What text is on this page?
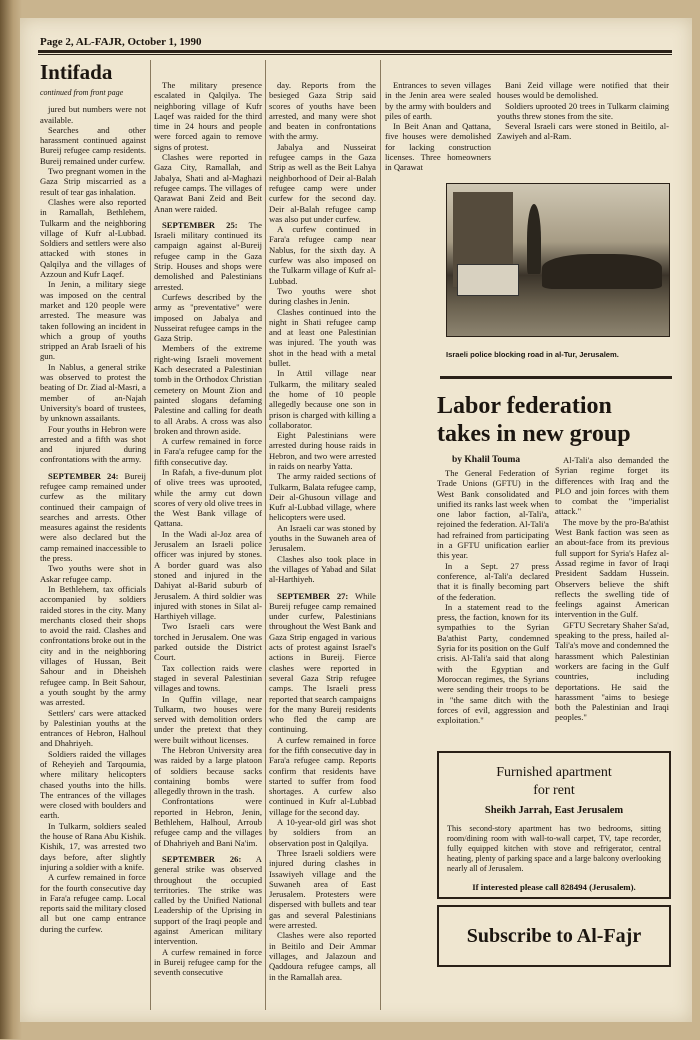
Page 2, AL-FAJR, October 1, 1990

Intifada

continued from front page

jured but numbers were not available.

Searches and other harassment continued against Bureij refugee camp residents. Bureij remained under curfew.

Two pregnant women in the Gaza Strip miscarried as a result of tear gas inhalation.

Clashes were also reported in Ramallah, Bethlehem, Tulkarm and the neighboring village of Kufr al-Lubbad. Soldiers and settlers were also attacked with stones in Qalqilya and the villages of Azzoun and Kufr Laqef.

In Jenin, a military siege was imposed on the central market and 120 people were arrested. The measure was taken following an incident in which a group of youths stripped an Arab Israeli of his gun.

In Nablus, a general strike was observed to protest the beating of Dr. Ziad al-Masri, a member of an-Najah University's board of trustees, by unknown assailants.

Four youths in Hebron were arrested and a fifth was shot and injured during confrontations with the army.

SEPTEMBER 24: Bureij refugee camp remained under curfew as the military continued their campaign of searches and arrests. Other measures against the residents were also declared but the camp remained inaccessible to the press.

Two youths were shot in Askar refugee camp.

In Bethlehem, tax officials accompanied by soldiers raided stores in the city. Many merchants closed their shops to avoid the raid. Clashes and confrontations broke out in the city and in the neighboring villages of Hussan, Beit Sahour and in Dheisheh refugee camp. In Beit Sahour, a youth sought by the army was arrested.

Settlers' cars were attacked by Palestinian youths at the entrances of Hebron, Halhoul and Dhahriyeh.

Soldiers raided the villages of Reheyieh and Tarqoumia, where military helicopters chased youths into the hills. The entrances of the villages were closed with boulders and earth.

In Tulkarm, soldiers sealed the house of Rana Abu Kishik. Kishik, 17, was arrested two days before, after slightly injuring a soldier with a knife.

A curfew remained in force for the fourth consecutive day in Fara'a refugee camp. Local reports said the military closed all but one camp entrance during the curfew.

The military presence escalated in Qalqilya. The neighboring village of Kufr Laqef was raided for the third time in 24 hours and people were forced again to remove signs of protest.

Clashes were reported in Gaza City, Ramallah, and Jabalya, Shati and al-Maghazi refugee camps. The villages of Qarawat Bani Zeid and Beit Anan were raided.

SEPTEMBER 25: The Israeli military continued its campaign against al-Bureij refugee camp in the Gaza Strip. Houses and shops were demolished and Palestinians arrested.

Curfews described by the army as "preventative" were imposed on Jabalya and Nusseirat refugee camps in the Gaza Strip.

Members of the extreme right-wing Israeli movement Kach desecrated a Palestinian tomb in the Orthodox Christian cemetery on Mount Zion and painted slogans defaming Palestine and calling for death to all Arabs. A cross was also broken and thrown aside.

A curfew remained in force in Fara'a refugee camp for the fifth consecutive day.

In Rafah, a five-dunum plot of olive trees was uprooted, while the army cut down scores of very old olive trees in the West Bank village of Qattana.

In the Wadi al-Joz area of Jerusalem an Israeli police officer was injured by stones. A border guard was also stoned and injured in the Dahiyat al-Barid suburb of Jerusalem. A third soldier was injured with stones in Silat al-Harthiyeh village.

Two Israeli cars were torched in Jerusalem. One was parked outside the District Court.

Tax collection raids were staged in several Palestinian villages and towns.

In Quffin village, near Tulkarm, two houses were served with demolition orders under the pretext that they were built without licenses.

The Hebron University area was raided by a large platoon of soldiers because sacks containing bombs were allegedly thrown in the trash.

Confrontations were reported in Hebron, Jenin, Bethlehem, Halhoul, Arroub refugee camp and the villages of Dhahriyeh and Bani Na'im.

SEPTEMBER 26: A general strike was observed throughout the occupied territories. The strike was called by the Unified National Leadership of the Uprising in support of the Iraqi people and against American military intervention.

A curfew remained in force in Bureij refugee camp for the seventh consecutive

day. Reports from the besieged Gaza Strip said scores of youths have been arrested, and many were shot and beaten in confrontations with the army.

Jabalya and Nusseirat refugee camps in the Gaza Strip as well as the Beit Lahya neighborhood of Deir al-Balah refugee camp were under curfew for the second day. Deir al-Balah refugee camp was also put under curfew.

A curfew continued in Fara'a refugee camp near Nablus, for the sixth day. A curfew was also imposed on the Tulkarm village of Kufr al-Lubbad.

Two youths were shot during clashes in Jenin.

Clashes continued into the night in Shati refugee camp and at least one Palestinian was injured. The youth was shot in the head with a metal bullet.

In Attil village near Tulkarm, the military sealed the home of 10 people allegedly because one son in prison is charged with killing a collaborator.

Eight Palestinians were arrested during house raids in Hebron, and two were arrested in raids on nearby Yatta.

The army raided sections of Tulkarm, Balata refugee camp, Deir al-Ghusoun village and Kufr al-Lubbad village, where helicopters were used.

An Israeli car was stoned by youths in the Suwaneh area of Jerusalem.

Clashes also took place in the villages of Yabad and Silat al-Harthiyeh.

SEPTEMBER 27: While Bureij refugee camp remained under curfew, Palestinians throughout the West Bank and Gaza Strip engaged in various acts of protest against Israel's actions in Bureij. Fierce clashes were reported in several Gaza Strip refugee camps. The Israeli press reported that search campaigns for the many Bureij residents who fled the camp are continuing.

A curfew remained in force for the fifth consecutive day in Fara'a refugee camp. Reports confirm that residents have started to suffer from food shortages. A curfew also continued in Kufr al-Lubbad village for the second day.

A 10-year-old girl was shot by soldiers from an observation post in Qalqilya.

Three Israeli soldiers were injured during clashes in Issawiyeh village and the Suwaneh area of East Jerusalem. Protesters were dispersed with bullets and tear gas and several Palestinians were arrested.

Clashes were also reported in Beitilo and Deir Ammar villages, and Jalazoun and Qaddoura refugee camps, all in the Ramallah area.

Entrances to seven villages in the Jenin area were sealed by the army with boulders and piles of earth.

In Beit Anan and Qattana, five houses were demolished for lacking construction licenses. Three homeowners in Qarawat

Bani Zeid village were notified that their houses would be demolished.

Soldiers uprooted 20 trees in Tulkarm claiming youths threw stones from the site.

Several Israeli cars were stoned in Beitilo, al-Zawiyeh and al-Ram.

Israeli police blocking road in al-Tur, Jerusalem.
Labor federation takes in new group
by Khalil Touma

The General Federation of Trade Unions (GFTU) in the West Bank consolidated and unified its ranks last week when one labor faction, al-Tali'a, rejoined the federation. Al-Tali'a had refrained from participating in a GFTU unification earlier this year.

In a Sept. 27 press conference, al-Tali'a declared that it is finally becoming part of the federation.

In a statement read to the press, the faction, known for its sympathies to the Syrian Ba'athist Party, condemned Syria for its position on the Gulf crisis. Al-Tali'a said that along with the Egyptian and Moroccan regimes, the Syrians were sending their troops to be in "the same ditch with the forces of evil, aggression and exploitation."

Al-Tali'a also demanded the Syrian regime forget its differences with Iraq and the PLO and join forces with them to combat the "imperialist attack."

The move by the pro-Ba'athist West Bank faction was seen as an about-face from its previous full support for Syria's Hafez al-Assad regime in favor of Iraqi President Saddam Hussein. Observers believe the shift reflects the swelling tide of feelings against American intervention in the Gulf.

GFTU Secretary Shaher Sa'ad, speaking to the press, hailed al-Tali'a's move and condemned the harassment which Palestinian workers are facing in the Gulf countries, including deportations. He said the harassment "aims to besiege both the Palestinian and Iraqi peoples."

Furnished apartment
for rent
Sheikh Jarrah, East Jerusalem
This second-story apartment has two bedrooms, sitting room/dining room with wall-to-wall carpet, TV, tape recorder, fully equipped kitchen with stove and refrigerator, central heating, plenty of parking space and a large balcony overlooking nearly all of Jerusalem.
If interested please call 828494 (Jerusalem).
Subscribe to Al-Fajr
